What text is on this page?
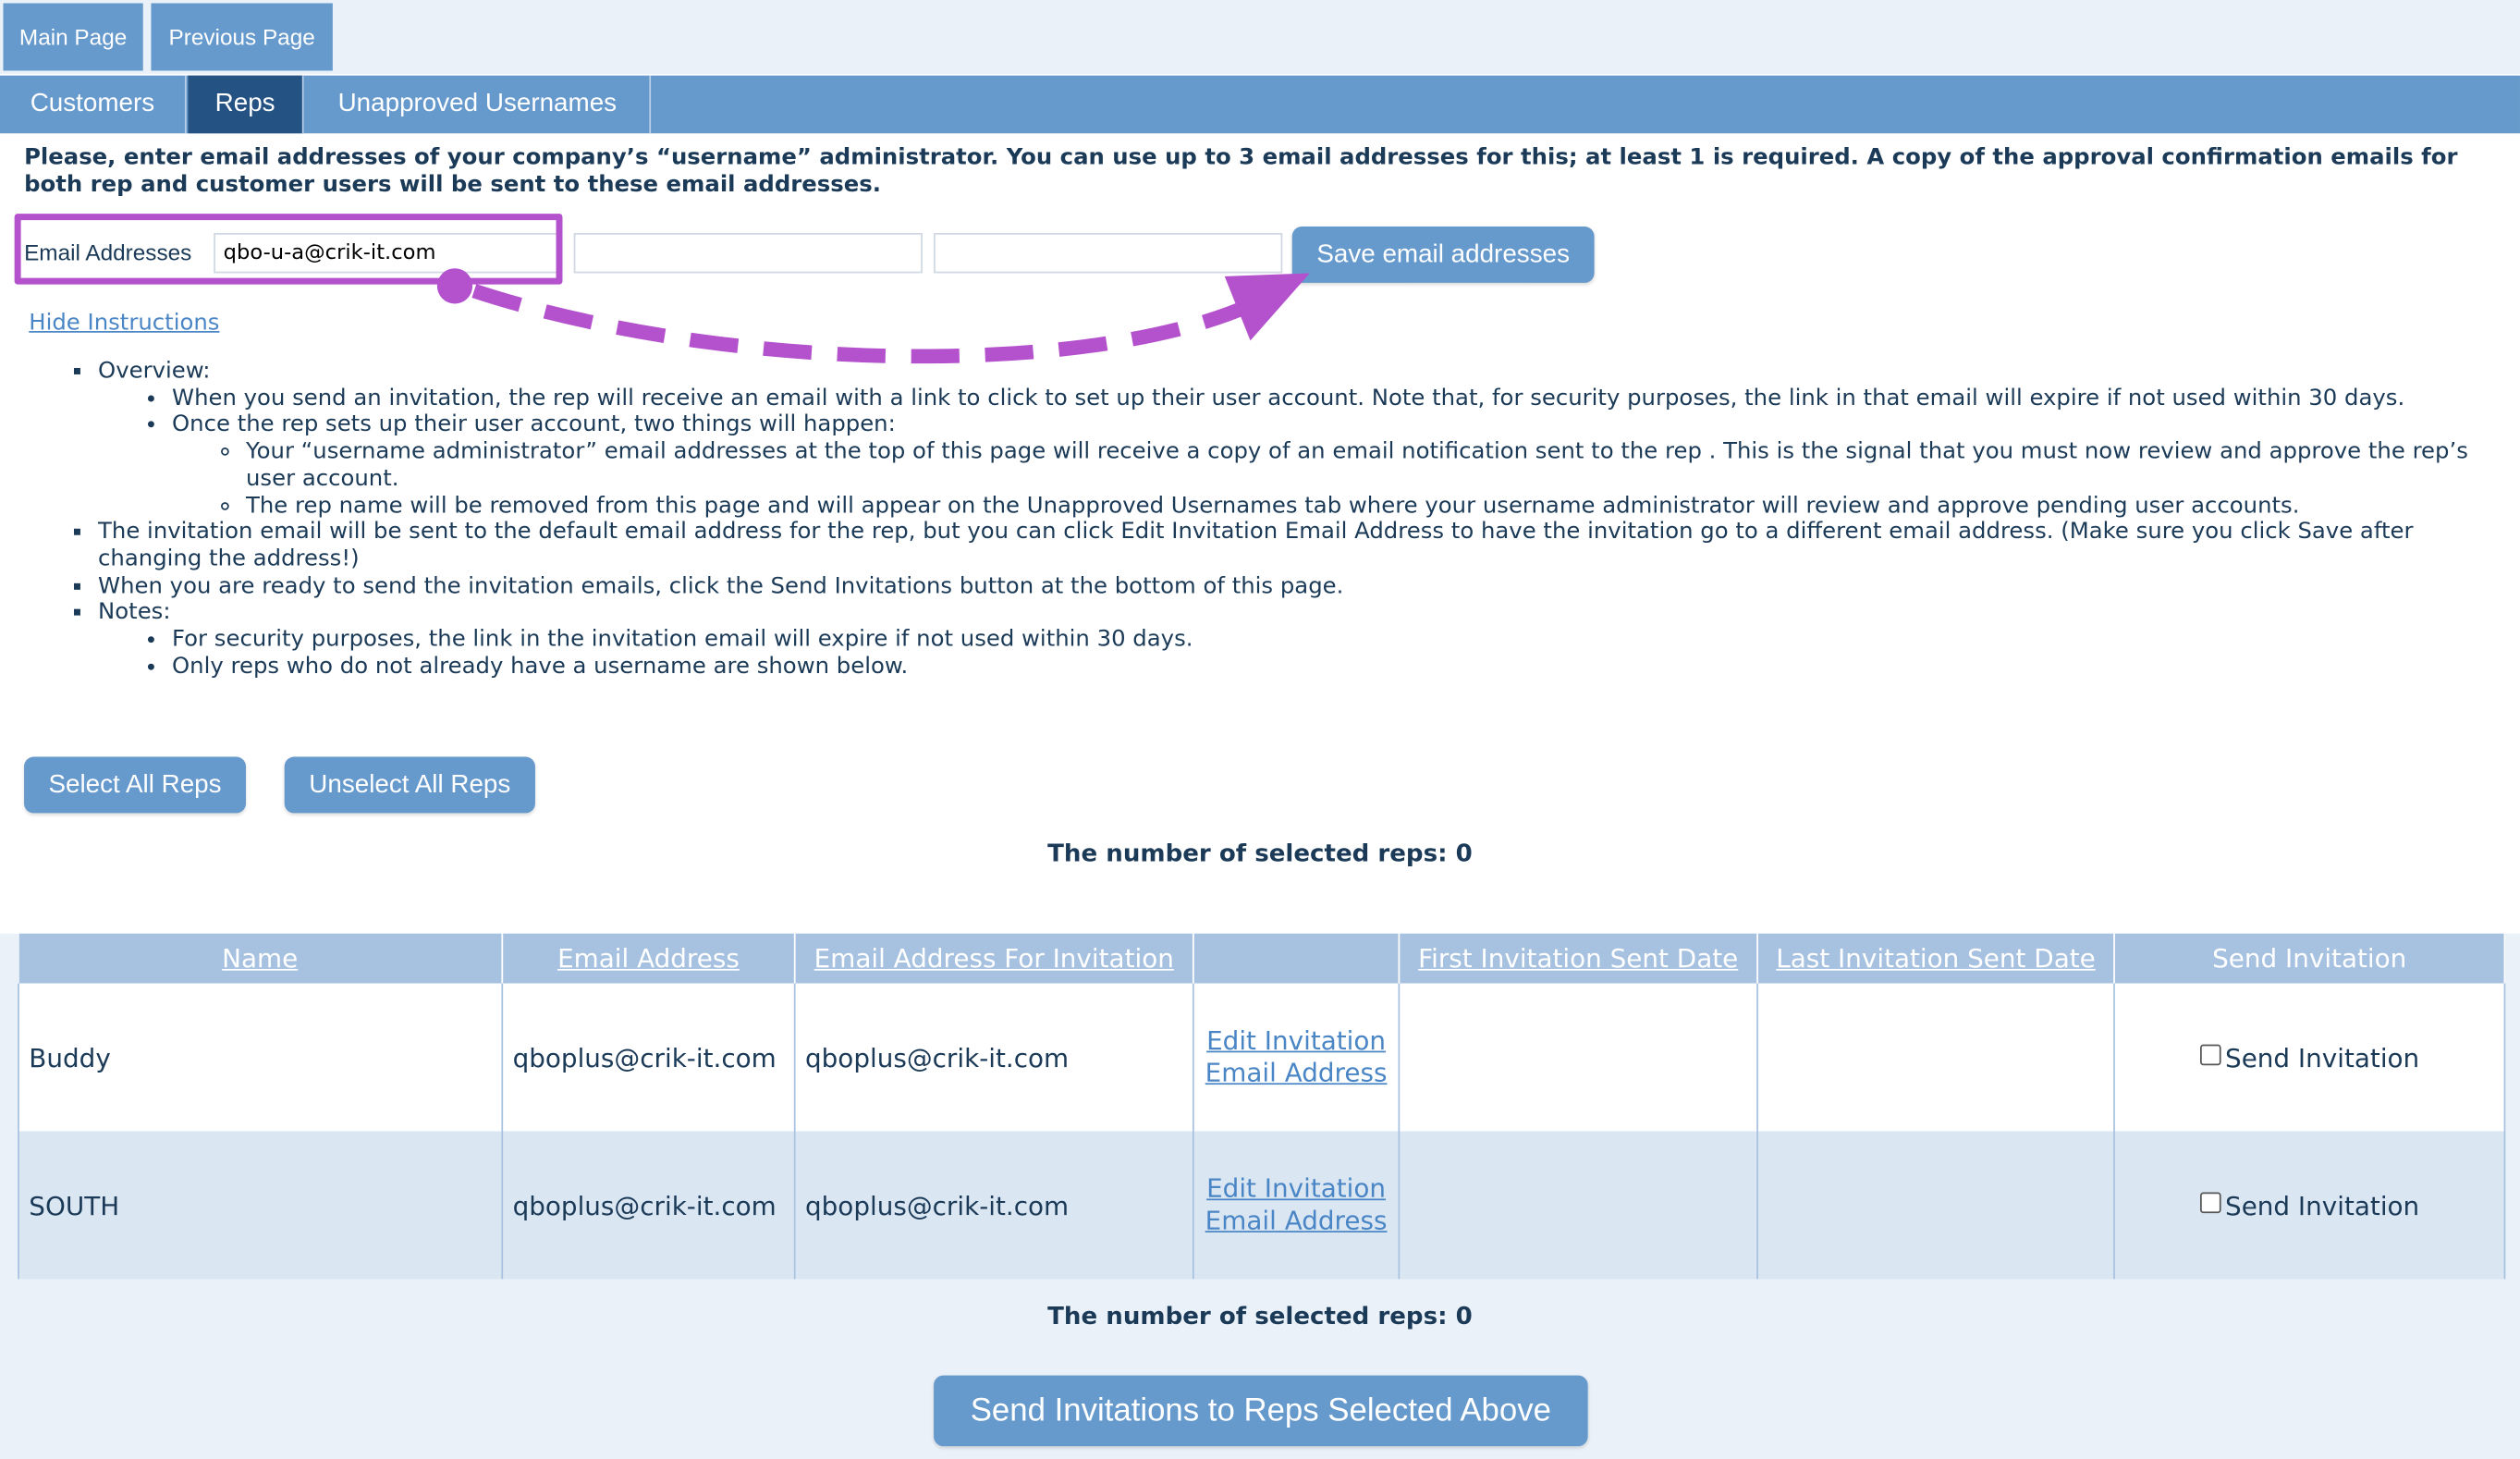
Main Page	Previous Page
Customers	Reps	Unapproved Usernames
Please, enter email addresses of your company’s “username” administrator. You can use up to 3 email addresses for this; at least 1 is required. A copy of the approval confirmation emails for both rep and customer users will be sent to these email addresses.
Email Addresses
qbo-u-a@crik-it.com	Save email addresses
Hide Instructions
▪ Overview:
• When you send an invitation, the rep will receive an email with a link to click to set up their user account. Note that, for security purposes, the link in that email will expire if not used within 30 days.
• Once the rep sets up their user account, two things will happen:
◦ Your “username administrator” email addresses at the top of this page will receive a copy of an email notification sent to the rep . This is the signal that you must now review and approve the rep’s user account.
◦ The rep name will be removed from this page and will appear on the Unapproved Usernames tab where your username administrator will review and approve pending user accounts.
▪ The invitation email will be sent to the default email address for the rep, but you can click Edit Invitation Email Address to have the invitation go to a different email address. (Make sure you click Save after changing the address!)
▪ When you are ready to send the invitation emails, click the Send Invitations button at the bottom of this page.
▪ Notes:
• For security purposes, the link in the invitation email will expire if not used within 30 days.
• Only reps who do not already have a username are shown below.
Select All Reps	Unselect All Reps
The number of selected reps: 0
Name	Email Address	Email Address For Invitation		First Invitation Sent Date	Last Invitation Sent Date	Send Invitation
Buddy	qboplus@crik-it.com	qboplus@crik-it.com	Edit Invitation Email Address			Send Invitation
SOUTH	qboplus@crik-it.com	qboplus@crik-it.com	Edit Invitation Email Address			Send Invitation
The number of selected reps: 0
Send Invitations to Reps Selected Above
